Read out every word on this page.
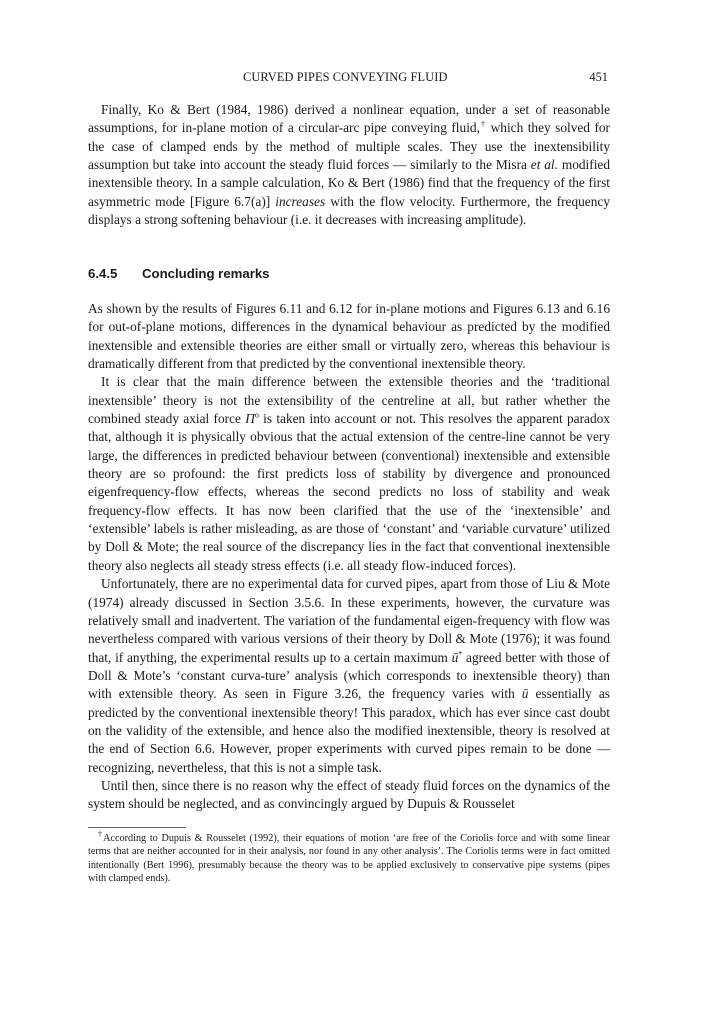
CURVED PIPES CONVEYING FLUID	451

Finally, Ko & Bert (1984, 1986) derived a nonlinear equation, under a set of reasonable assumptions, for in-plane motion of a circular-arc pipe conveying fluid,† which they solved for the case of clamped ends by the method of multiple scales. They use the inextensibility assumption but take into account the steady fluid forces — similarly to the Misra et al. modified inextensible theory. In a sample calculation, Ko & Bert (1986) find that the frequency of the first asymmetric mode [Figure 6.7(a)] increases with the flow velocity. Furthermore, the frequency displays a strong softening behaviour (i.e. it decreases with increasing amplitude).

6.4.5 Concluding remarks

As shown by the results of Figures 6.11 and 6.12 for in-plane motions and Figures 6.13 and 6.16 for out-of-plane motions, differences in the dynamical behaviour as predicted by the modified inextensible and extensible theories are either small or virtually zero, whereas this behaviour is dramatically different from that predicted by the conventional inextensible theory.

It is clear that the main difference between the extensible theories and the ‘traditional inextensible’ theory is not the extensibility of the centreline at all, but rather whether the combined steady axial force $\Pi^o$ is taken into account or not. This resolves the apparent paradox that, although it is physically obvious that the actual extension of the centre-line cannot be very large, the differences in predicted behaviour between (conventional) inextensible and extensible theory are so profound: the first predicts loss of stability by divergence and pronounced eigenfrequency-flow effects, whereas the second predicts no loss of stability and weak frequency-flow effects. It has now been clarified that the use of the ‘inextensible’ and ‘extensible’ labels is rather misleading, as are those of ‘constant’ and ‘variable curvature’ utilized by Doll & Mote; the real source of the discrepancy lies in the fact that conventional inextensible theory also neglects all steady stress effects (i.e. all steady flow-induced forces).

Unfortunately, there are no experimental data for curved pipes, apart from those of Liu & Mote (1974) already discussed in Section 3.5.6. In these experiments, however, the curvature was relatively small and inadvertent. The variation of the fundamental eigen-frequency with flow was nevertheless compared with various versions of their theory by Doll & Mote (1976); it was found that, if anything, the experimental results up to a certain maximum ū* agreed better with those of Doll & Mote’s ‘constant curva-ture’ analysis (which corresponds to inextensible theory) than with extensible theory. As seen in Figure 3.26, the frequency varies with ū essentially as predicted by the conventional inextensible theory! This paradox, which has ever since cast doubt on the validity of the extensible, and hence also the modified inextensible, theory is resolved at the end of Section 6.6. However, proper experiments with curved pipes remain to be done — recognizing, nevertheless, that this is not a simple task.

Until then, since there is no reason why the effect of steady fluid forces on the dynamics of the system should be neglected, and as convincingly argued by Dupuis & Rousselet

†According to Dupuis & Rousselet (1992), their equations of motion ‘are free of the Coriolis force and with some linear terms that are neither accounted for in their analysis, nor found in any other analysis’. The Coriolis terms were in fact omitted intentionally (Bert 1996), presumably because the theory was to be applied exclusively to conservative pipe systems (pipes with clamped ends).
